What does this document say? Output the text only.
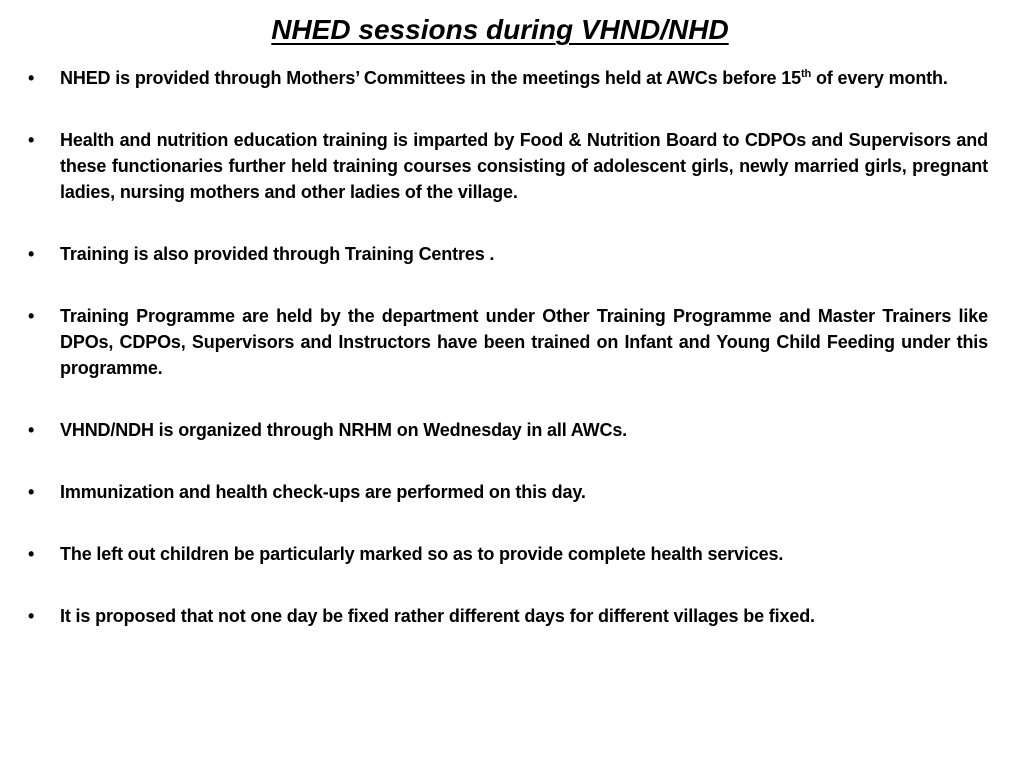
NHED sessions during VHND/NHD
•	NHED is provided through Mothers’ Committees in the meetings held at AWCs before 15th of every month.
•	Health and nutrition education training is imparted by Food & Nutrition Board to CDPOs and Supervisors and these functionaries further held training courses consisting of adolescent girls, newly married girls, pregnant ladies, nursing mothers and other ladies of the village.
•	Training is also provided through Training Centres .
•	Training Programme are held by the department under Other Training Programme and Master Trainers like DPOs, CDPOs, Supervisors and Instructors have been trained on Infant and Young Child Feeding under this programme.
•	VHND/NDH is organized through NRHM on Wednesday in all AWCs.
•	Immunization and health check-ups are performed on this day.
•	The left out children be particularly marked so as to provide complete health services.
•	It is proposed that not one day be fixed rather different days for different villages be fixed.
